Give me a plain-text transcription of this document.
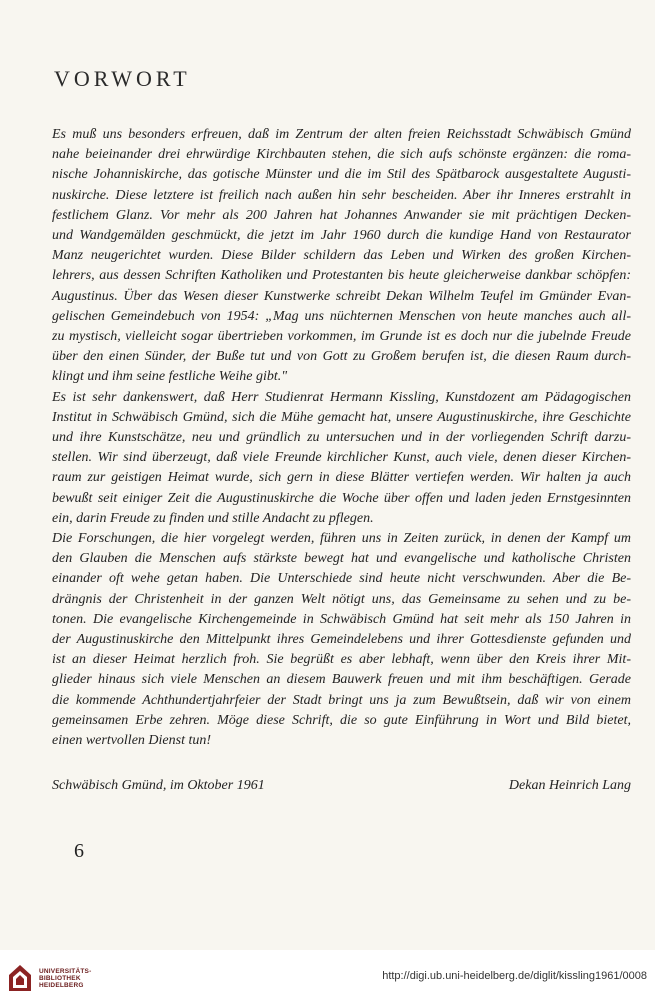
VORWORT
Es muß uns besonders erfreuen, daß im Zentrum der alten freien Reichsstadt Schwäbisch Gmünd
nahe beieinander drei ehrwürdige Kirchbauten stehen, die sich aufs schönste ergänzen: die roma-
nische Johanniskirche, das gotische Münster und die im Stil des Spätbarock ausgestaltete Augusti-
nuskirche. Diese letztere ist freilich nach außen hin sehr bescheiden. Aber ihr Inneres erstrahlt in
festlichem Glanz. Vor mehr als 200 Jahren hat Johannes Anwander sie mit prächtigen Decken-
und Wandgemälden geschmückt, die jetzt im Jahr 1960 durch die kundige Hand von Restaurator
Manz neugerichtet wurden. Diese Bilder schildern das Leben und Wirken des großen Kirchen-
lehrers, aus dessen Schriften Katholiken und Protestanten bis heute gleicherweise dankbar schöpfen:
Augustinus. Über das Wesen dieser Kunstwerke schreibt Dekan Wilhelm Teufel im Gmünder Evan-
gelischen Gemeindebuch von 1954: „Mag uns nüchternen Menschen von heute manches auch all-
zu mystisch, vielleicht sogar übertrieben vorkommen, im Grunde ist es doch nur die jubelnde Freude
über den einen Sünder, der Buße tut und von Gott zu Großem berufen ist, die diesen Raum durch-
klingt und ihm seine festliche Weihe gibt."
Es ist sehr dankenswert, daß Herr Studienrat Hermann Kissling, Kunstdozent am Pädagogischen
Institut in Schwäbisch Gmünd, sich die Mühe gemacht hat, unsere Augustinuskirche, ihre Geschichte
und ihre Kunstschätze, neu und gründlich zu untersuchen und in der vorliegenden Schrift darzu-
stellen. Wir sind überzeugt, daß viele Freunde kirchlicher Kunst, auch viele, denen dieser Kirchen-
raum zur geistigen Heimat wurde, sich gern in diese Blätter vertiefen werden. Wir halten ja auch
bewußt seit einiger Zeit die Augustinuskirche die Woche über offen und laden jeden Ernstgesinnten
ein, darin Freude zu finden und stille Andacht zu pflegen.
Die Forschungen, die hier vorgelegt werden, führen uns in Zeiten zurück, in denen der Kampf um
den Glauben die Menschen aufs stärkste bewegt hat und evangelische und katholische Christen
einander oft wehe getan haben. Die Unterschiede sind heute nicht verschwunden. Aber die Be-
drängnis der Christenheit in der ganzen Welt nötigt uns, das Gemeinsame zu sehen und zu be-
tonen. Die evangelische Kirchengemeinde in Schwäbisch Gmünd hat seit mehr als 150 Jahren in
der Augustinuskirche den Mittelpunkt ihres Gemeindelebens und ihrer Gottesdienste gefunden und
ist an dieser Heimat herzlich froh. Sie begrüßt es aber lebhaft, wenn über den Kreis ihrer Mit-
glieder hinaus sich viele Menschen an diesem Bauwerk freuen und mit ihm beschäftigen. Gerade
die kommende Achthundertjahrfeier der Stadt bringt uns ja zum Bewußtsein, daß wir von einem
gemeinsamen Erbe zehren. Möge diese Schrift, die so gute Einführung in Wort und Bild bietet,
einen wertvollen Dienst tun!
Schwäbisch Gmünd, im Oktober 1961	Dekan Heinrich Lang
6
UNIVERSITÄTS-
BIBLIOTHEK
HEIDELBERG
http://digi.ub.uni-heidelberg.de/diglit/kissling1961/0008
